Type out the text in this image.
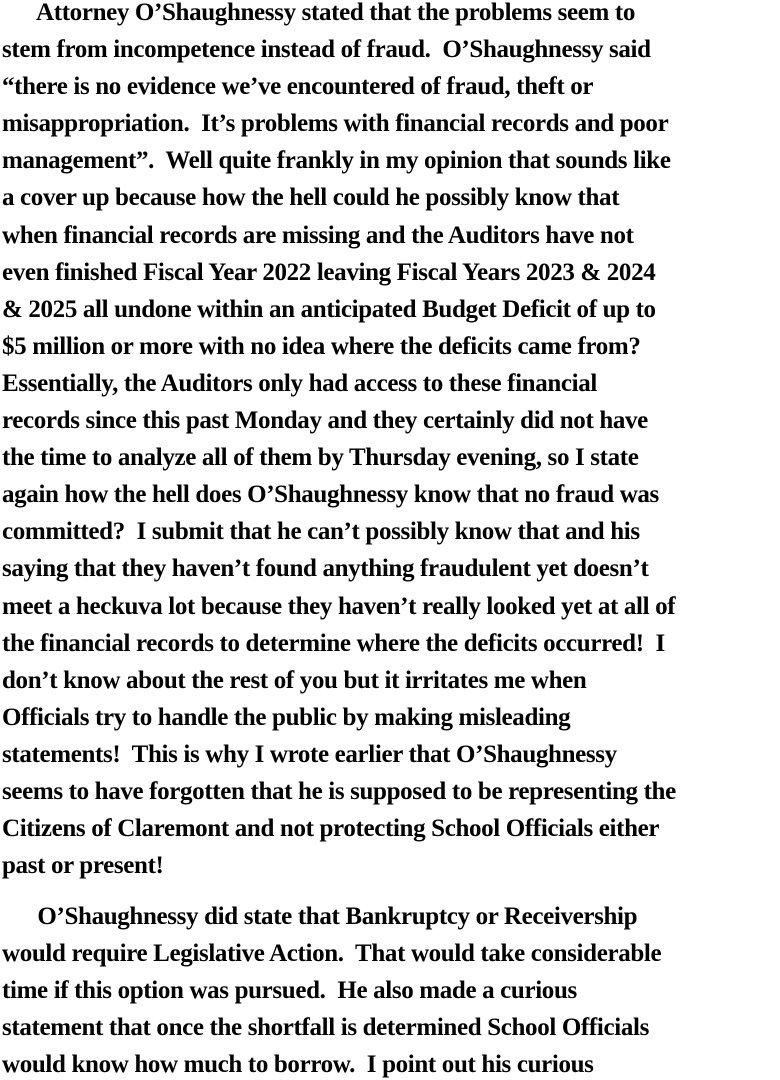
Attorney O’Shaughnessy stated that the problems seem to
stem from incompetence instead of fraud.  O’Shaughnessy said
“there is no evidence we’ve encountered of fraud, theft or
misappropriation.  It’s problems with financial records and poor
management”.  Well quite frankly in my opinion that sounds like
a cover up because how the hell could he possibly know that
when financial records are missing and the Auditors have not
even finished Fiscal Year 2022 leaving Fiscal Years 2023 & 2024
& 2025 all undone within an anticipated Budget Deficit of up to
$5 million or more with no idea where the deficits came from?
Essentially, the Auditors only had access to these financial
records since this past Monday and they certainly did not have
the time to analyze all of them by Thursday evening, so I state
again how the hell does O’Shaughnessy know that no fraud was
committed?  I submit that he can’t possibly know that and his
saying that they haven’t found anything fraudulent yet doesn’t
meet a heckuva lot because they haven’t really looked yet at all of
the financial records to determine where the deficits occurred!  I
don’t know about the rest of you but it irritates me when
Officials try to handle the public by making misleading
statements!  This is why I wrote earlier that O’Shaughnessy
seems to have forgotten that he is supposed to be representing the
Citizens of Claremont and not protecting School Officials either
past or present!
O’Shaughnessy did state that Bankruptcy or Receivership
would require Legislative Action.  That would take considerable
time if this option was pursued.  He also made a curious
statement that once the shortfall is determined School Officials
would know how much to borrow.  I point out his curious
